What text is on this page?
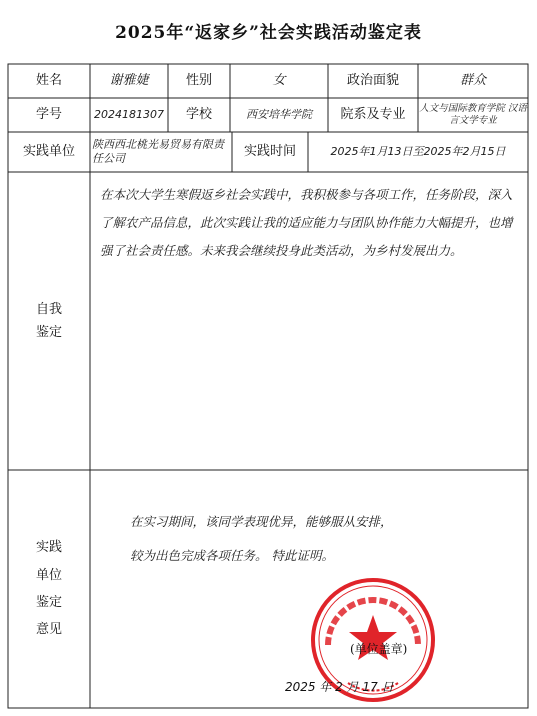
2025年“返家乡”社会实践活动鉴定表
姓名	谢雅婕	性别	女	政治面貌	群众
学号	2024181307	学校	西安培华学院	院系及专业	人文与国际教育学院 汉语言文学专业
实践单位	陕西西北桃光易贸易有限责任公司	实践时间	2025年1月13日至2025年2月15日
自我
鉴定
在本次大学生寒假返乡社会实践中，我积极参与各项工作，任务阶段，深入了解农产品信息，此次实践让我的适应能力与团队协作能力大幅提升，也增强了社会责任感。未来我会继续投身此类活动，为乡村发展出力。
实践
单位
鉴定
意见
在实习期间，该同学表现优异，能够服从安排，
较为出色完成各项任务。 特此证明。
(单位盖章)
2025 年 2 月 17 日
